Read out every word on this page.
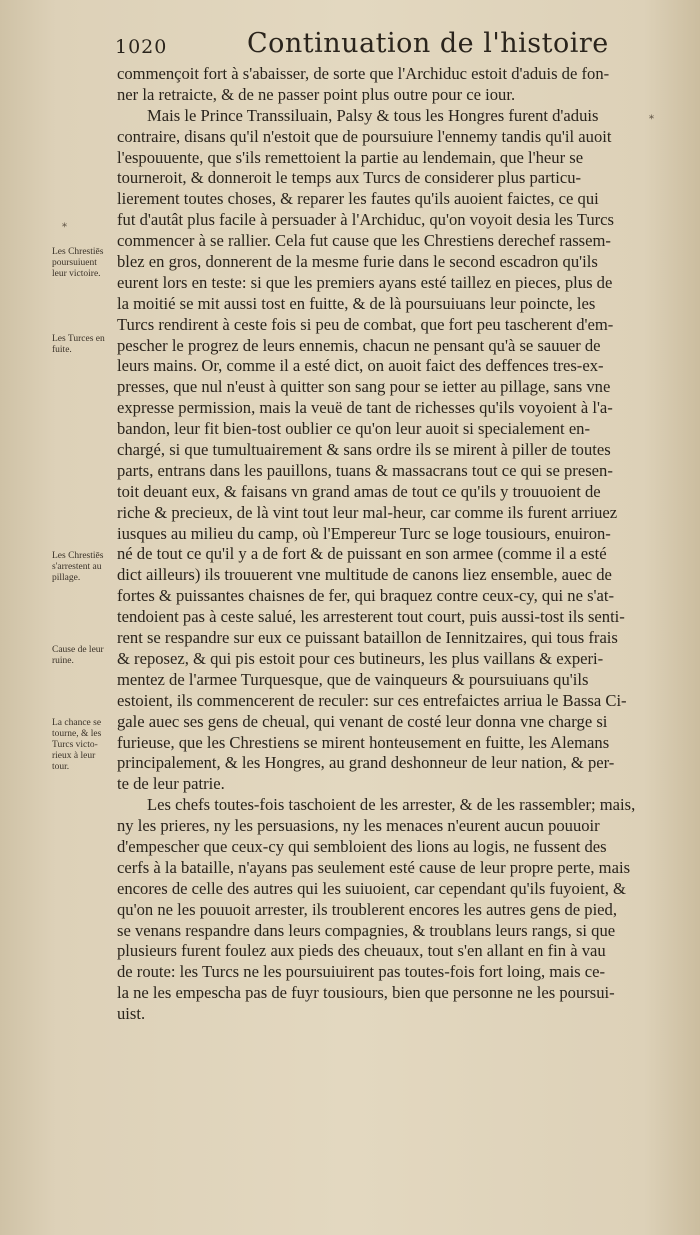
1020	Continuation de l'histoire
*
*
Les Chrestiēs
poursuiuent
leur victoire.
Les Turces en
fuite.
Les Chrestiēs
s'arrestent au
pillage.
Cause de leur
ruine.
La chance se
tourne, & les
Turcs victo-
rieux à leur
tour.
commençoit fort à s'abaisser, de sorte que l'Archiduc estoit d'aduis de fon-
ner la retraicte, & de ne passer point plus outre pour ce iour.
Mais le Prince Transsiluain, Palsy & tous les Hongres furent d'aduis
contraire, disans qu'il n'estoit que de poursuiure l'ennemy tandis qu'il auoit
l'espouuente, que s'ils remettoient la partie au lendemain, que l'heur se
tourneroit, & donneroit le temps aux Turcs de considerer plus particu-
lierement toutes choses, & reparer les fautes qu'ils auoient faictes, ce qui
fut d'autât plus facile à persuader à l'Archiduc, qu'on voyoit desia les Turcs
commencer à se rallier. Cela fut cause que les Chrestiens derechef rassem-
blez en gros, donnerent de la mesme furie dans le second escadron qu'ils
eurent lors en teste: si que les premiers ayans esté taillez en pieces, plus de
la moitié se mit aussi tost en fuitte, & de là poursuiuans leur poincte, les
Turcs rendirent à ceste fois si peu de combat, que fort peu tascherent d'em-
pescher le progrez de leurs ennemis, chacun ne pensant qu'à se sauuer de
leurs mains. Or, comme il a esté dict, on auoit faict des deffences tres-ex-
presses, que nul n'eust à quitter son sang pour se ietter au pillage, sans vne
expresse permission, mais la veuë de tant de richesses qu'ils voyoient à l'a-
bandon, leur fit bien-tost oublier ce qu'on leur auoit si specialement en-
chargé, si que tumultuairement & sans ordre ils se mirent à piller de toutes
parts, entrans dans les pauillons, tuans & massacrans tout ce qui se presen-
toit deuant eux, & faisans vn grand amas de tout ce qu'ils y trouuoient de
riche & precieux, de là vint tout leur mal-heur, car comme ils furent arriuez
iusques au milieu du camp, où l'Empereur Turc se loge tousiours, enuiron-
né de tout ce qu'il y a de fort & de puissant en son armee (comme il a esté
dict ailleurs) ils trouuerent vne multitude de canons liez ensemble, auec de
fortes & puissantes chaisnes de fer, qui braquez contre ceux-cy, qui ne s'at-
tendoient pas à ceste salué, les arresterent tout court, puis aussi-tost ils senti-
rent se respandre sur eux ce puissant bataillon de Iennitzaires, qui tous frais
& reposez, & qui pis estoit pour ces butineurs, les plus vaillans & experi-
mentez de l'armee Turquesque, que de vainqueurs & poursuiuans qu'ils
estoient, ils commencerent de reculer: sur ces entrefaictes arriua le Bassa Ci-
gale auec ses gens de cheual, qui venant de costé leur donna vne charge si
furieuse, que les Chrestiens se mirent honteusement en fuitte, les Alemans
principalement, & les Hongres, au grand deshonneur de leur nation, & per-
te de leur patrie.
Les chefs toutes-fois taschoient de les arrester, & de les rassembler; mais,
ny les prieres, ny les persuasions, ny les menaces n'eurent aucun pouuoir
d'empescher que ceux-cy qui sembloient des lions au logis, ne fussent des
cerfs à la bataille, n'ayans pas seulement esté cause de leur propre perte, mais
encores de celle des autres qui les suiuoient, car cependant qu'ils fuyoient, &
qu'on ne les pouuoit arrester, ils troublerent encores les autres gens de pied,
se venans respandre dans leurs compagnies, & troublans leurs rangs, si que
plusieurs furent foulez aux pieds des cheuaux, tout s'en allant en fin à vau
de route: les Turcs ne les poursuiuirent pas toutes-fois fort loing, mais ce-
la ne les empescha pas de fuyr tousiours, bien que personne ne les poursui-
uist.
